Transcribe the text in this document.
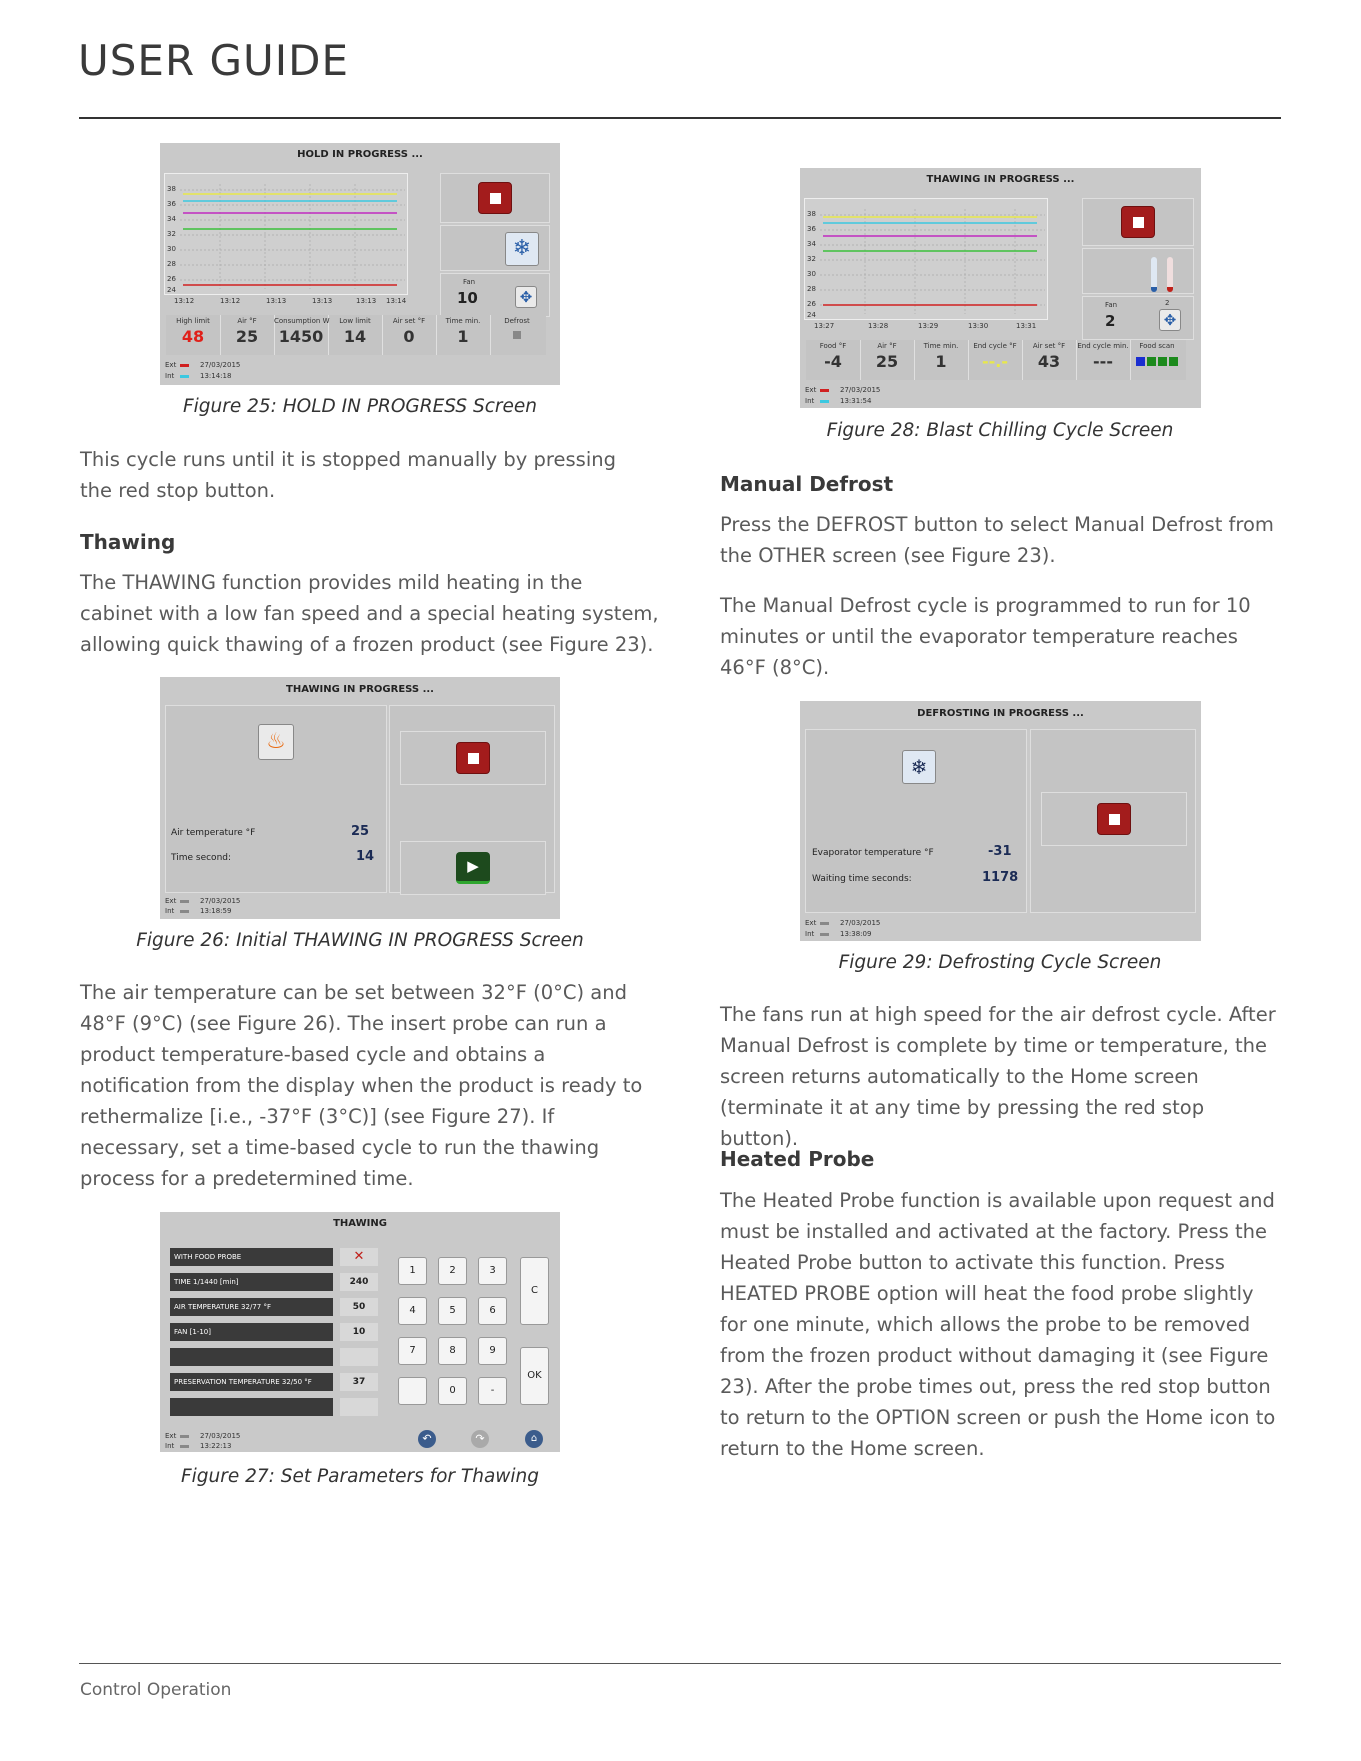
USER GUIDE
HOLD IN PROGRESS ...
38
36
34
32
30
28
26
24
13:12	13:12	13:13	13:13	13:13 13:14
❄
Fan
10	✥
High limit
48
Air °F
25
Consumption W
1450
Low limit
14
Air set °F
0
Time min.
1
Defrost
Ext
Int
27/03/2015
13:14:18
Figure 25: HOLD IN PROGRESS Screen

This cycle runs until it is stopped manually by pressing the red stop button.

Thawing

The THAWING function provides mild heating in the cabinet with a low fan speed and a special heating system, allowing quick thawing of a frozen product (see Figure 23).

THAWING IN PROGRESS ...
♨
Air temperature °F	25
Time second:	14
▶
Ext
Int
27/03/2015
13:18:59
Figure 26: Initial THAWING IN PROGRESS Screen

The air temperature can be set between 32°F (0°C) and 48°F (9°C) (see Figure 26). The insert probe can run a product temperature-based cycle and obtains a notification from the display when the product is ready to rethermalize [i.e., -37°F (3°C)] (see Figure 27). If necessary, set a time-based cycle to run the thawing process for a predetermined time.

THAWING
WITH FOOD PROBE	✕
TIME 1/1440 [min]	240
AIR TEMPERATURE 32/77 °F	50
FAN [1-10]	10
PRESERVATION TEMPERATURE 32/50 °F	37
1	2	3
4	5	6
7	8	9
0	-
C
OK
↶	↷	⌂
Ext
Int
27/03/2015
13:22:13
Figure 27: Set Parameters for Thawing
THAWING IN PROGRESS ...
38
36
34
32
30
28
26
24
13:27	13:28	13:29	13:30	13:31
Fan
2
2
✥
Food °F
-4
Air °F
25
Time min.
1
End cycle °F
--.-
Air set °F
43
End cycle min.
---
Food scan
Ext
Int
27/03/2015
13:31:54
Figure 28: Blast Chilling Cycle Screen

Manual Defrost

Press the DEFROST button to select Manual Defrost from the OTHER screen (see Figure 23).

The Manual Defrost cycle is programmed to run for 10 minutes or until the evaporator temperature reaches 46°F (8°C).

DEFROSTING IN PROGRESS ...
❄
Evaporator temperature °F	-31
Waiting time seconds:	1178
Ext
Int
27/03/2015
13:38:09
Figure 29: Defrosting Cycle Screen

The fans run at high speed for the air defrost cycle. After Manual Defrost is complete by time or temperature, the screen returns automatically to the Home screen (terminate it at any time by pressing the red stop button).

Heated Probe

The Heated Probe function is available upon request and must be installed and activated at the factory. Press the Heated Probe button to activate this function. Press HEATED PROBE option will heat the food probe slightly for one minute, which allows the probe to be removed from the frozen product without damaging it (see Figure 23). After the probe times out, press the red stop button to return to the OPTION screen or push the Home icon to return to the Home screen.

Control Operation
